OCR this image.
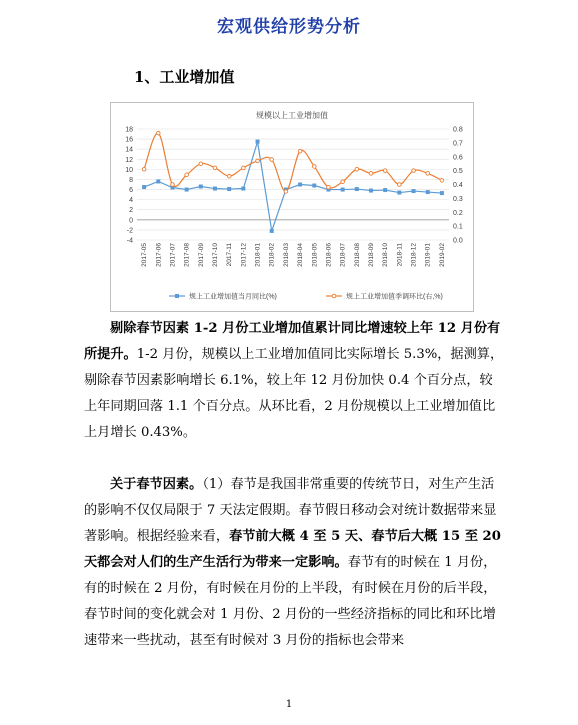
宏观供给形势分析
1、工业增加值
规模以上工业增加值
18
16
14
12
10
8
6
4
2
0
-2
-4
0.8
0.7
0.6
0.5
0.4
0.3
0.2
0.1
0.0
2017-05 2017-06 2017-07 2017-08 2017-09 2017-10 2017-11 2017-12 2018-01 2018-02 2018-03 2018-04 2018-05 2018-06 2018-07 2018-08 2018-09 2018-10 2018-11 2018-12 2019-01 2019-02
规上工业增加值当月同比(%)	规上工业增加值季调环比(右,%)

剔除春节因素 1-2 月份工业增加值累计同比增速较上年 12 月份有所提升。1-2 月份，规模以上工业增加值同比实际增长 5.3%，据测算，剔除春节因素影响增长 6.1%，较上年 12 月份加快 0.4 个百分点，较上年同期回落 1.1 个百分点。从环比看，2 月份规模以上工业增加值比上月增长 0.43%。

关于春节因素。（1）春节是我国非常重要的传统节日，对生产生活的影响不仅仅局限于 7 天法定假期。春节假日移动会对统计数据带来显著影响。根据经验来看，春节前大概 4 至 5 天、春节后大概 15 至 20 天都会对人们的生产生活行为带来一定影响。春节有的时候在 1 月份，有的时候在 2 月份，有时候在月份的上半段，有时候在月份的后半段，春节时间的变化就会对 1 月份、2 月份的一些经济指标的同比和环比增速带来一些扰动，甚至有时候对 3 月份的指标也会带来

1
